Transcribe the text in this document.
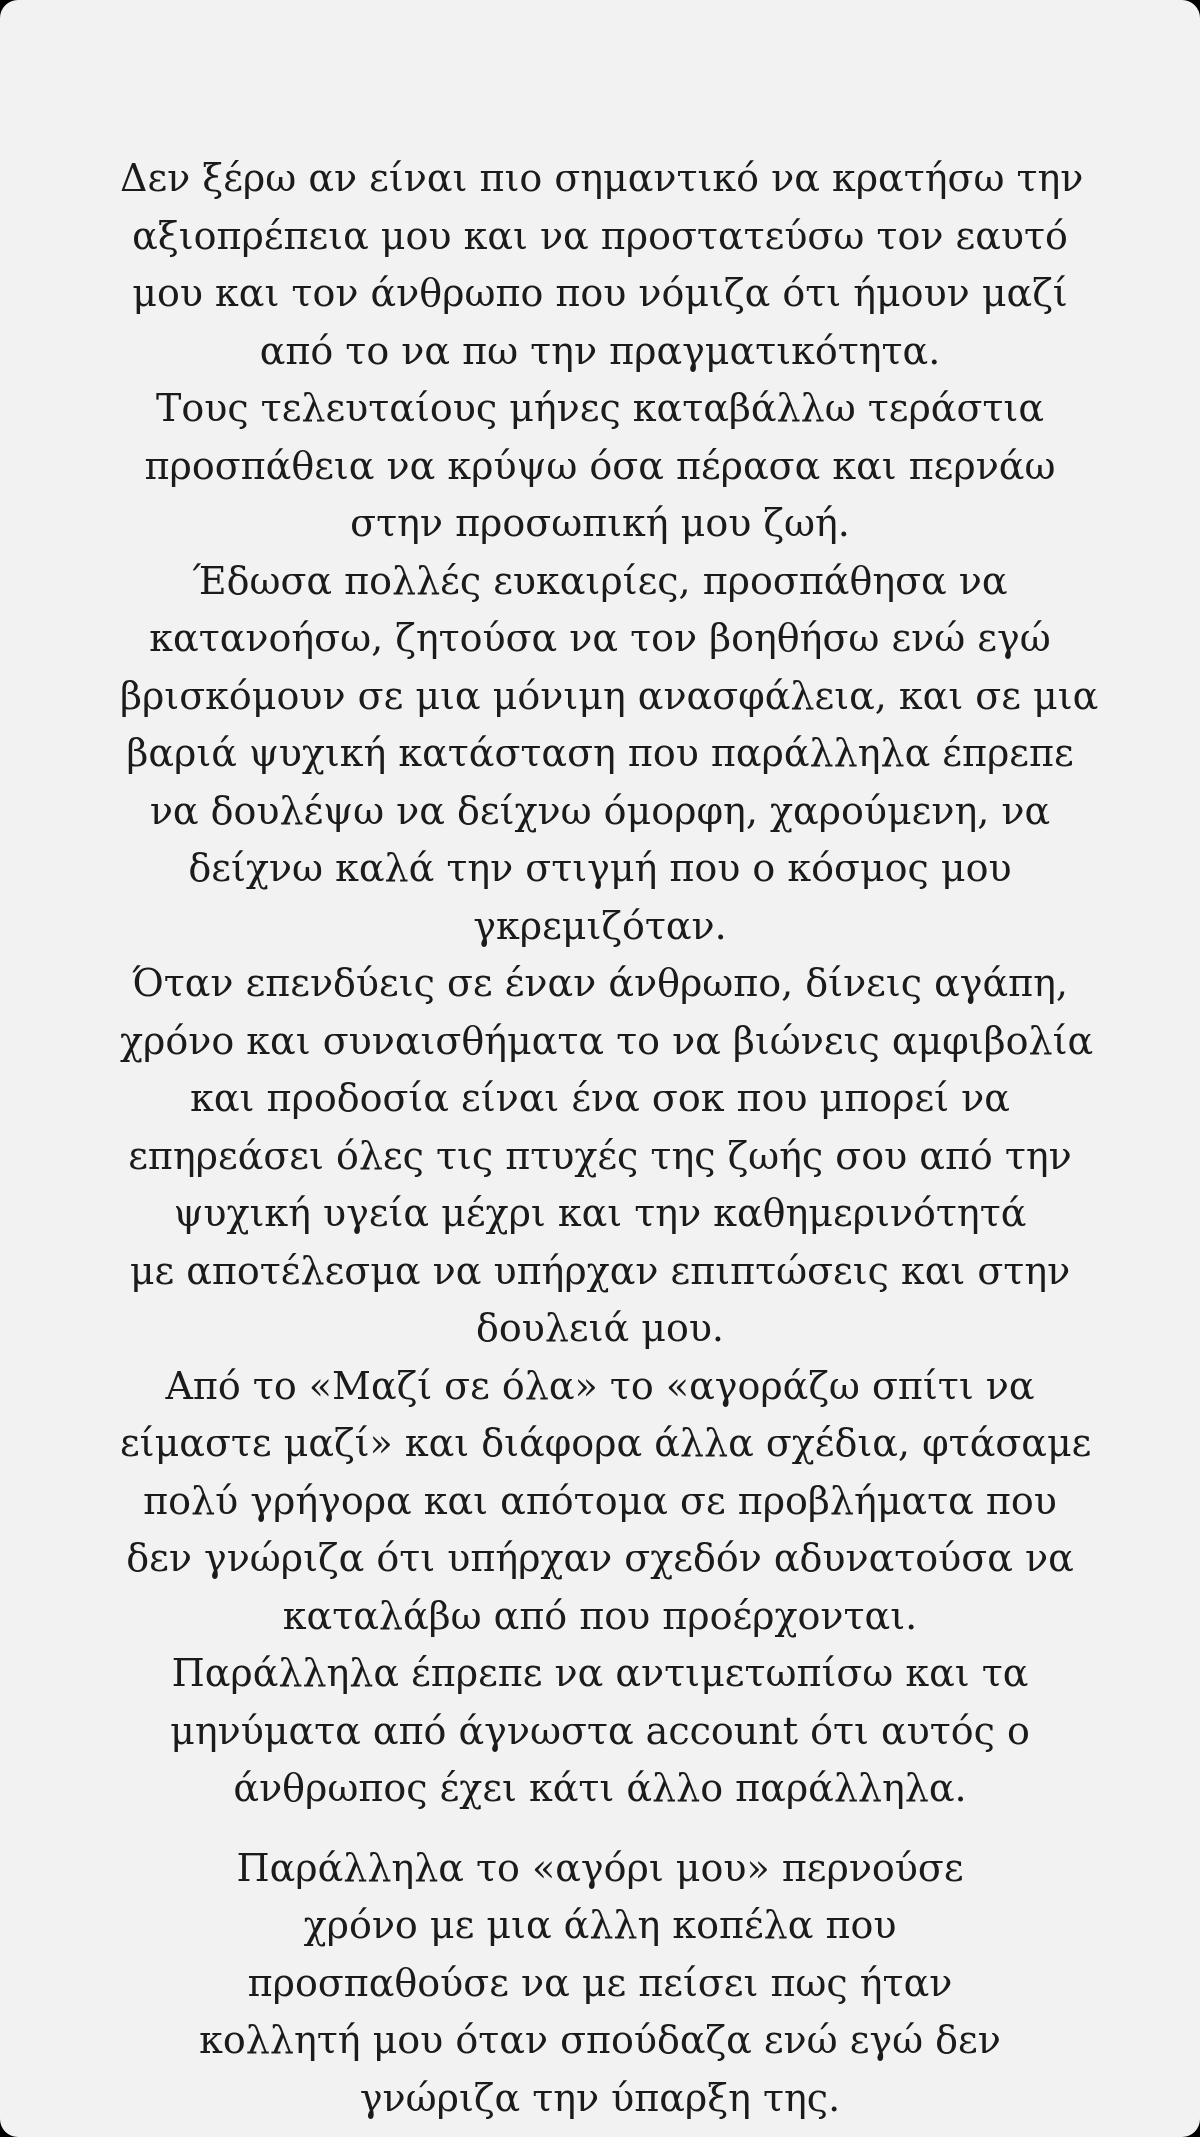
Δεν ξέρω αν είναι πιο σημαντικό να κρατήσω την
αξιοπρέπεια μου και να προστατεύσω τον εαυτό
μου και τον άνθρωπο που νόμιζα ότι ήμουν μαζί
από το να πω την πραγματικότητα.
Τους τελευταίους μήνες καταβάλλω τεράστια
προσπάθεια να κρύψω όσα πέρασα και περνάω
στην προσωπική μου ζωή.
Έδωσα πολλές ευκαιρίες, προσπάθησα να
κατανοήσω, ζητούσα να τον βοηθήσω ενώ εγώ
βρισκόμουν σε μια μόνιμη ανασφάλεια, και σε μια
βαριά ψυχική κατάσταση που παράλληλα έπρεπε
να δουλέψω να δείχνω όμορφη, χαρούμενη, να
δείχνω καλά την στιγμή που ο κόσμος μου
γκρεμιζόταν.
Όταν επενδύεις σε έναν άνθρωπο, δίνεις αγάπη,
χρόνο και συναισθήματα το να βιώνεις αμφιβολία
και προδοσία είναι ένα σοκ που μπορεί να
επηρεάσει όλες τις πτυχές της ζωής σου από την
ψυχική υγεία μέχρι και την καθημερινότητά
με αποτέλεσμα να υπήρχαν επιπτώσεις και στην
δουλειά μου.
Από το «Μαζί σε όλα» το «αγοράζω σπίτι να
είμαστε μαζί» και διάφορα άλλα σχέδια, φτάσαμε
πολύ γρήγορα και απότομα σε προβλήματα που
δεν γνώριζα ότι υπήρχαν σχεδόν αδυνατούσα να
καταλάβω από που προέρχονται.
Παράλληλα έπρεπε να αντιμετωπίσω και τα
μηνύματα από άγνωστα account ότι αυτός ο
άνθρωπος έχει κάτι άλλο παράλληλα.
Παράλληλα το «αγόρι μου» περνούσε
χρόνο με μια άλλη κοπέλα που
προσπαθούσε να με πείσει πως ήταν
κολλητή μου όταν σπούδαζα ενώ εγώ δεν
γνώριζα την ύπαρξη της.
